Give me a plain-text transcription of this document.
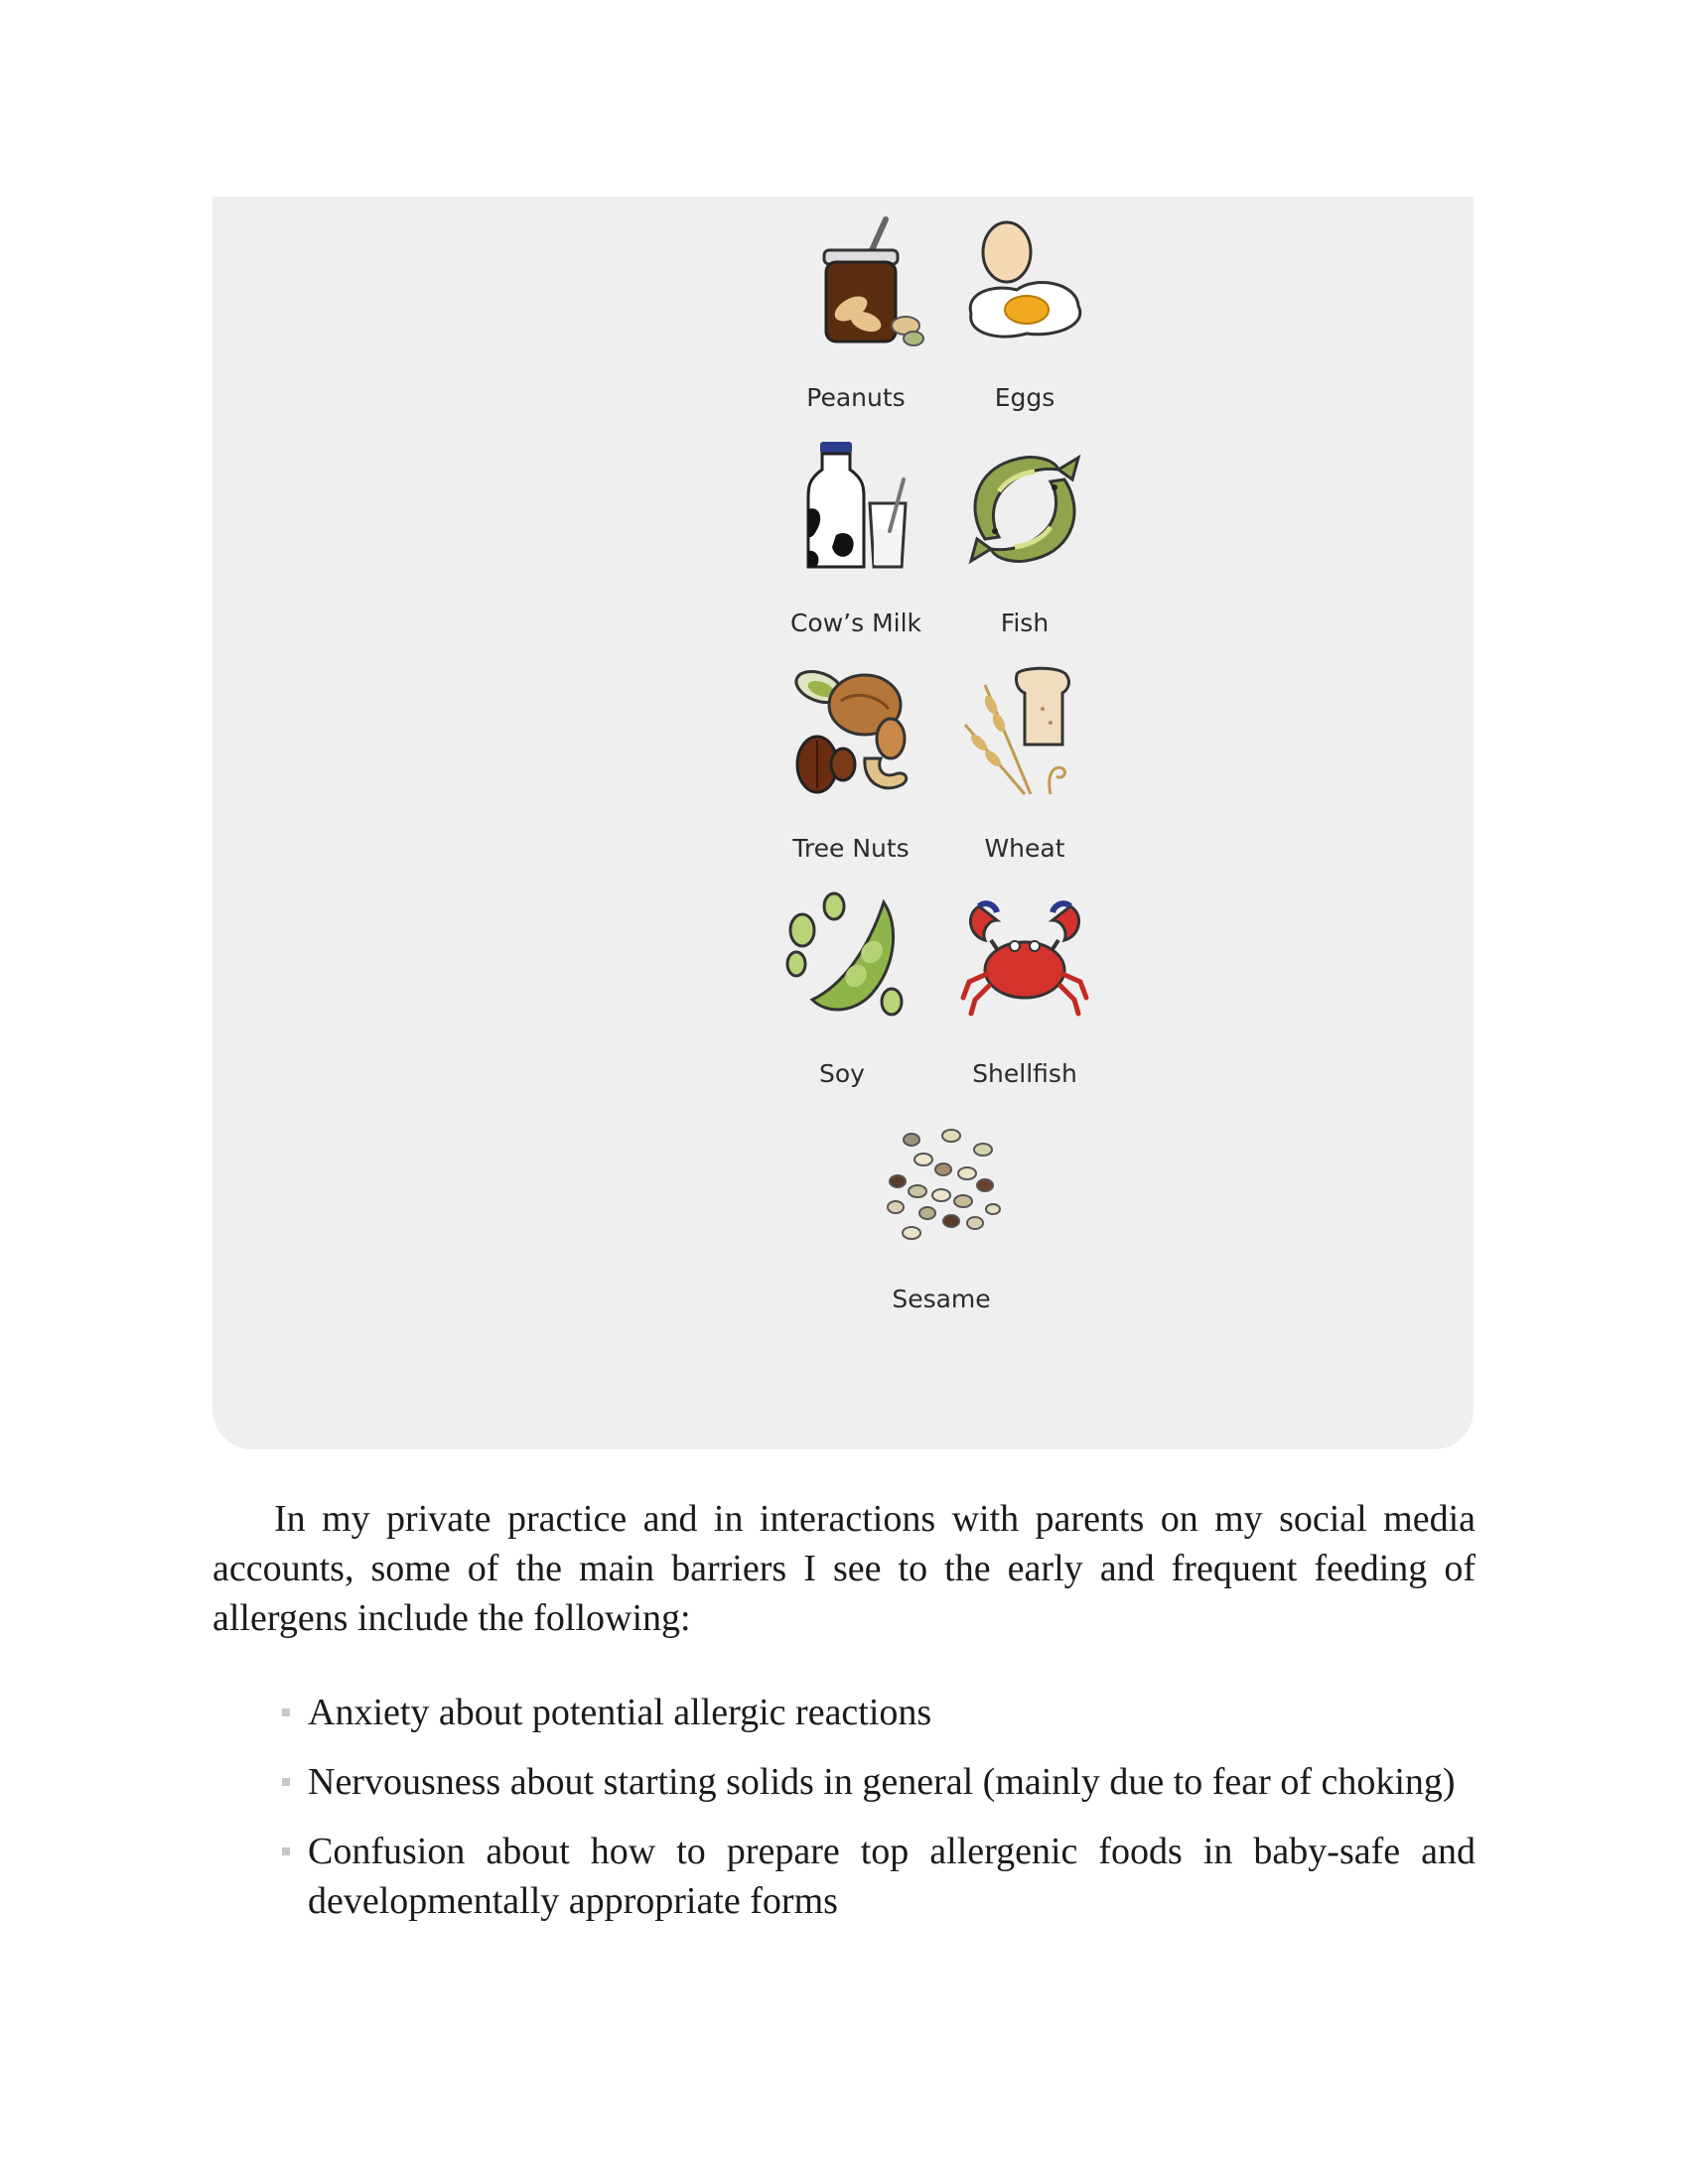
Peanuts	Eggs
Cow’s Milk	Fish
Tree Nuts	Wheat
Soy	Shellfish
Sesame

In my private practice and in interactions with parents on my social media accounts, some of the main barriers I see to the early and frequent feeding of allergens include the following:

Anxiety about potential allergic reactions
Nervousness about starting solids in general (mainly due to fear of choking)
Confusion about how to prepare top allergenic foods in baby-safe and developmentally appropriate forms
